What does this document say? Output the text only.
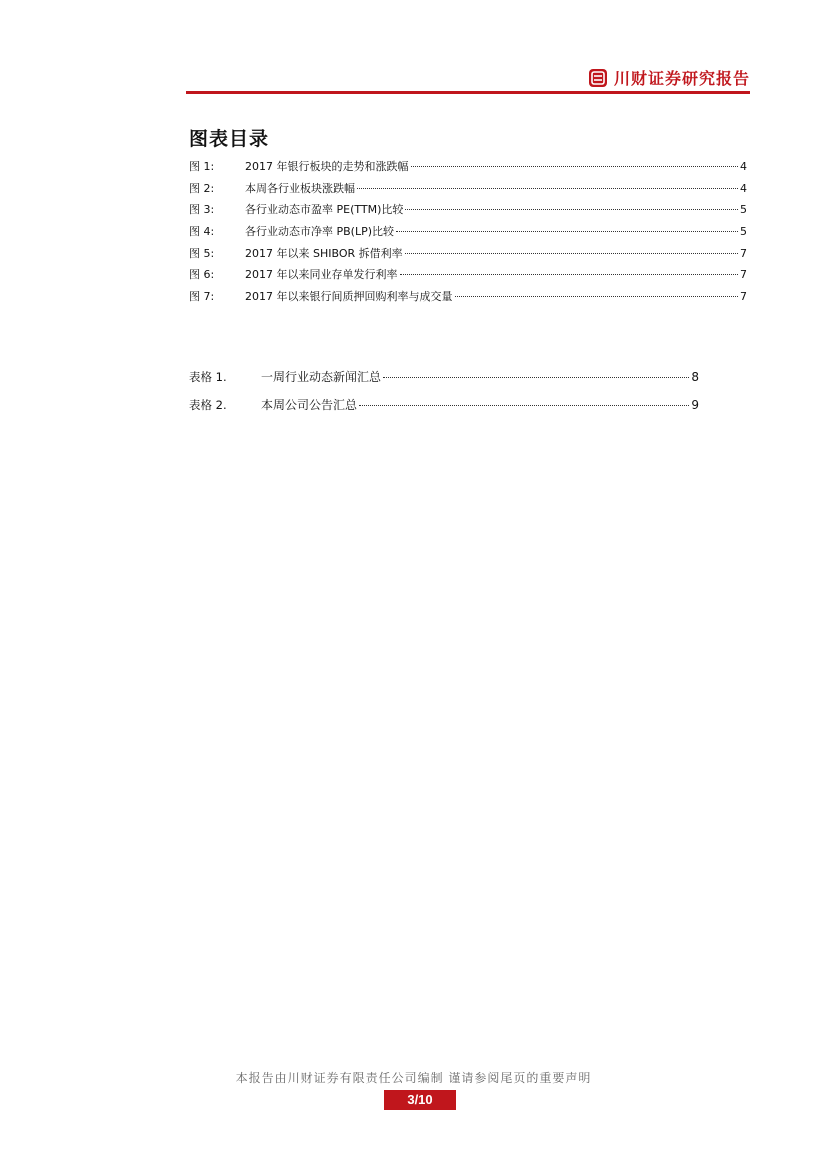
川财证券研究报告
图表目录
图 1:	2017 年银行板块的走势和涨跌幅	4
图 2:	本周各行业板块涨跌幅	4
图 3:	各行业动态市盈率 PE(TTM)比较	5
图 4:	各行业动态市净率 PB(LP)比较	5
图 5:	2017 年以来 SHIBOR 拆借利率	7
图 6:	2017 年以来同业存单发行利率	7
图 7:	2017 年以来银行间质押回购利率与成交量	7
表格 1.	一周行业动态新闻汇总	8
表格 2.	本周公司公告汇总	9
本报告由川财证券有限责任公司编制 谨请参阅尾页的重要声明
3/10
